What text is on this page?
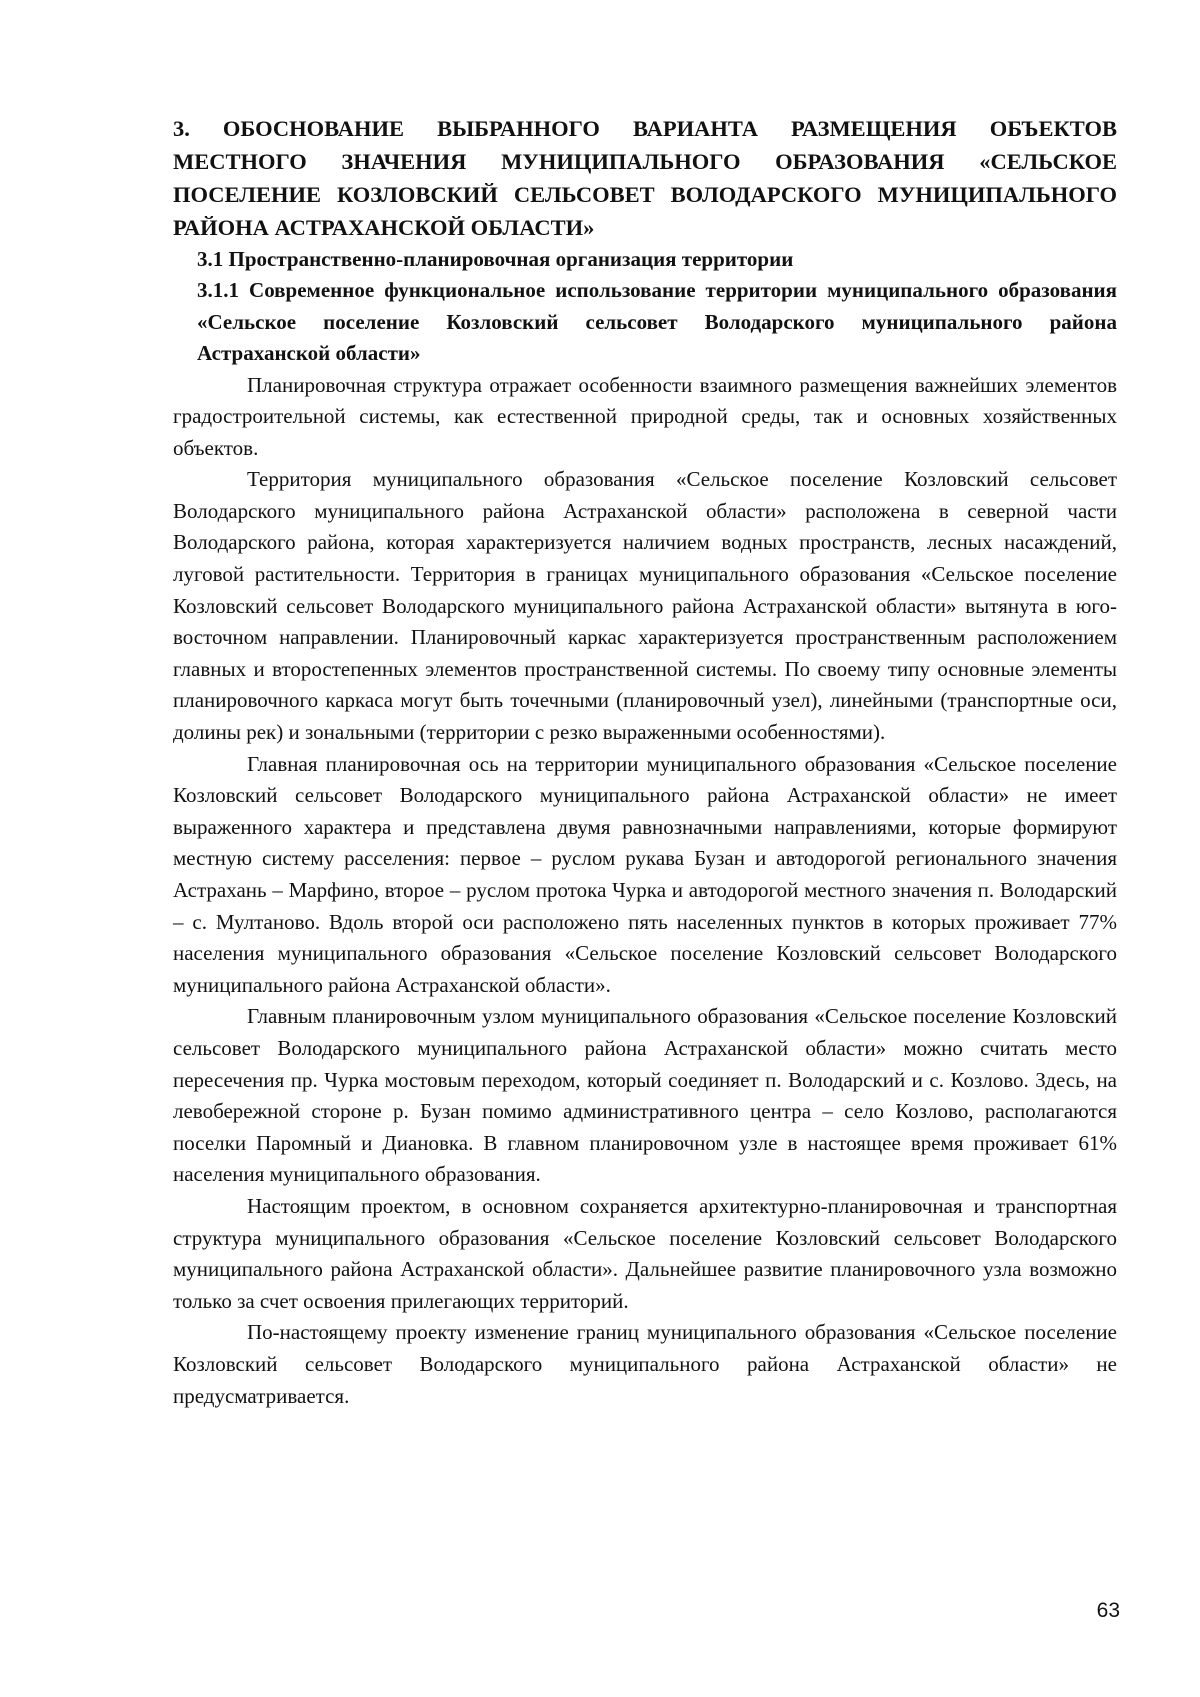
3. ОБОСНОВАНИЕ ВЫБРАННОГО ВАРИАНТА РАЗМЕЩЕНИЯ ОБЪЕКТОВ МЕСТНОГО ЗНАЧЕНИЯ МУНИЦИПАЛЬНОГО ОБРАЗОВАНИЯ «СЕЛЬСКОЕ ПОСЕЛЕНИЕ КОЗЛОВСКИЙ СЕЛЬСОВЕТ ВОЛОДАРСКОГО МУНИЦИПАЛЬНОГО РАЙОНА АСТРАХАНСКОЙ ОБЛАСТИ»
3.1 Пространственно-планировочная организация территории
3.1.1 Современное функциональное использование территории муниципального образования «Сельское поселение Козловский сельсовет Володарского муниципального района Астраханской области»

Планировочная структура отражает особенности взаимного размещения важнейших элементов градостроительной системы, как естественной природной среды, так и основных хозяйственных объектов.

Территория муниципального образования «Сельское поселение Козловский сельсовет Володарского муниципального района Астраханской области» расположена в северной части Володарского района, которая характеризуется наличием водных пространств, лесных насаждений, луговой растительности. Территория в границах муниципального образования «Сельское поселение Козловский сельсовет Володарского муниципального района Астраханской области» вытянута в юго-восточном направлении. Планировочный каркас характеризуется пространственным расположением главных и второстепенных элементов пространственной системы. По своему типу основные элементы планировочного каркаса могут быть точечными (планировочный узел), линейными (транспортные оси, долины рек) и зональными (территории с резко выраженными особенностями).

Главная планировочная ось на территории муниципального образования «Сельское поселение Козловский сельсовет Володарского муниципального района Астраханской области» не имеет выраженного характера и представлена двумя равнозначными направлениями, которые формируют местную систему расселения: первое – руслом рукава Бузан и автодорогой регионального значения Астрахань – Марфино, второе – руслом протока Чурка и автодорогой местного значения п. Володарский – с. Мултаново. Вдоль второй оси расположено пять населенных пунктов в которых проживает 77% населения муниципального образования «Сельское поселение Козловский сельсовет Володарского муниципального района Астраханской области».

Главным планировочным узлом муниципального образования «Сельское поселение Козловский сельсовет Володарского муниципального района Астраханской области» можно считать место пересечения пр. Чурка мостовым переходом, который соединяет п. Володарский и с. Козлово. Здесь, на левобережной стороне р. Бузан помимо административного центра – село Козлово, располагаются поселки Паромный и Диановка. В главном планировочном узле в настоящее время проживает 61% населения муниципального образования.

Настоящим проектом, в основном сохраняется архитектурно-планировочная и транспортная структура муниципального образования «Сельское поселение Козловский сельсовет Володарского муниципального района Астраханской области». Дальнейшее развитие планировочного узла возможно только за счет освоения прилегающих территорий.

По-настоящему проекту изменение границ муниципального образования «Сельское поселение Козловский сельсовет Володарского муниципального района Астраханской области» не предусматривается.

63
